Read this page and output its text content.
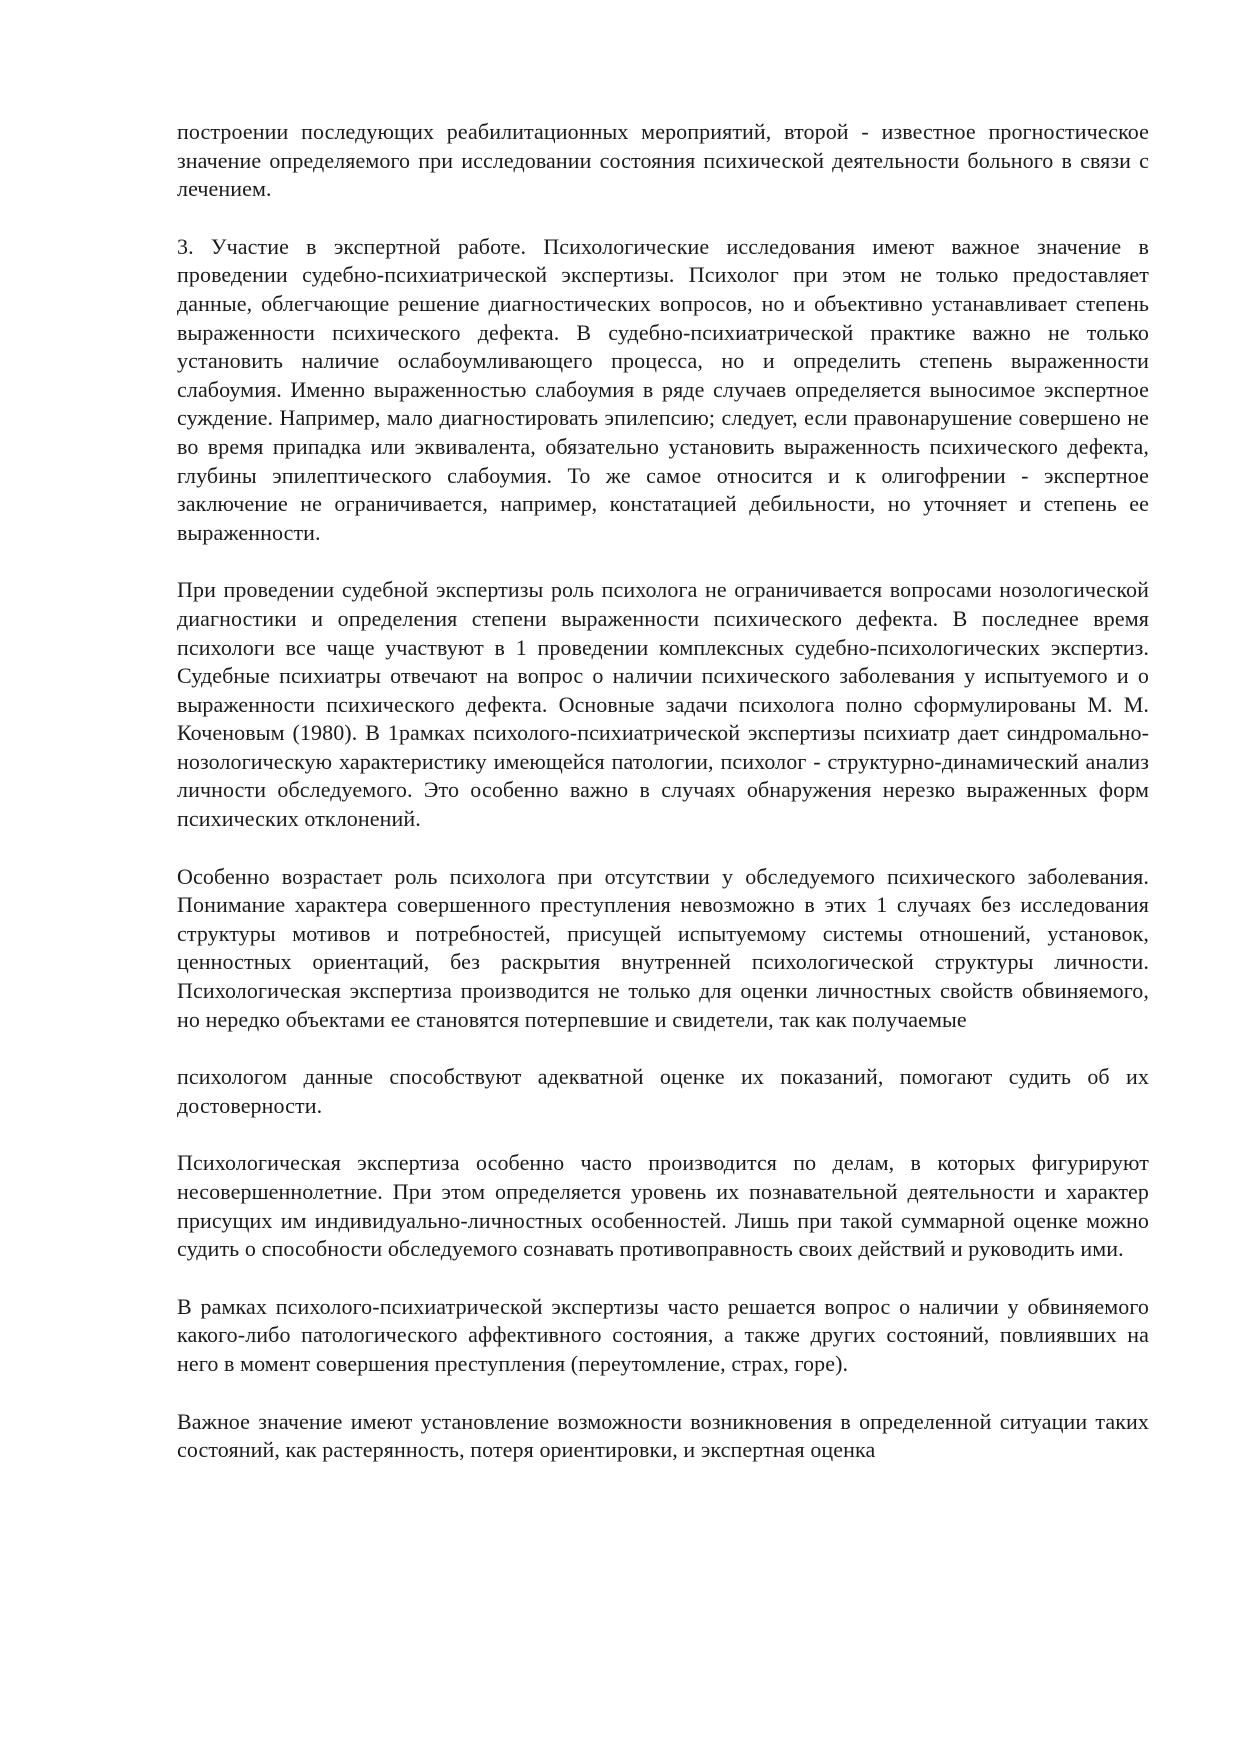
построении последующих реабилитационных мероприятий, второй - известное прогностическое значение определяемого при исследовании состояния психической деятельности больного в связи с лечением.

3. Участие в экспертной работе. Психологические исследования имеют важное значение в проведении судебно-психиатрической экспертизы. Психолог при этом не только предоставляет данные, облегчающие решение диагностических вопросов, но и объективно устанавливает степень выраженности психического дефекта. В судебно-психиатрической практике важно не только установить наличие ослабоумливающего процесса, но и определить степень выраженности слабоумия. Именно выраженностью слабоумия в ряде случаев определяется выносимое экспертное суждение. Например, мало диагностировать эпилепсию; следует, если правонарушение совершено не во время припадка или эквивалента, обязательно установить выраженность психического дефекта, глубины эпилептического слабоумия. То же самое относится и к олигофрении - экспертное заключение не ограничивается, например, констатацией дебильности, но уточняет и степень ее выраженности.

При проведении судебной экспертизы роль психолога не ограничивается вопросами нозологической диагностики и определения степени выраженности психического дефекта. В последнее время психологи все чаще участвуют в 1 проведении комплексных судебно-психологических экспертиз. Судебные психиатры отвечают на вопрос о наличии психического заболевания у испытуемого и о выраженности психического дефекта. Основные задачи психолога полно сформулированы М. М. Коченовым (1980). В 1рамках психолого-психиатрической экспертизы психиатр дает синдромально-нозологическую характеристику имеющейся патологии, психолог - структурно-динамический анализ личности обследуемого. Это особенно важно в случаях обнаружения нерезко выраженных форм психических отклонений.

Особенно возрастает роль психолога при отсутствии у обследуемого психического заболевания. Понимание характера совершенного преступления невозможно в этих 1 случаях без исследования структуры мотивов и потребностей, присущей испытуемому системы отношений, установок, ценностных ориентаций, без раскрытия внутренней психологической структуры личности. Психологическая экспертиза производится не только для оценки личностных свойств обвиняемого, но нередко объектами ее становятся потерпевшие и свидетели, так как получаемые

психологом данные способствуют адекватной оценке их показаний, помогают судить об их достоверности.

Психологическая экспертиза особенно часто производится по делам, в которых фигурируют несовершеннолетние. При этом определяется уровень их познавательной деятельности и характер присущих им индивидуально-личностных особенностей. Лишь при такой суммарной оценке можно судить о способности обследуемого сознавать противоправность своих действий и руководить ими.

В рамках психолого-психиатрической экспертизы часто решается вопрос о наличии у обвиняемого какого-либо патологического аффективного состояния, а также других состояний, повлиявших на него в момент совершения преступления (переутомление, страх, горе).

Важное значение имеют установление возможности возникновения в определенной ситуации таких состояний, как растерянность, потеря ориентировки, и экспертная оценка
